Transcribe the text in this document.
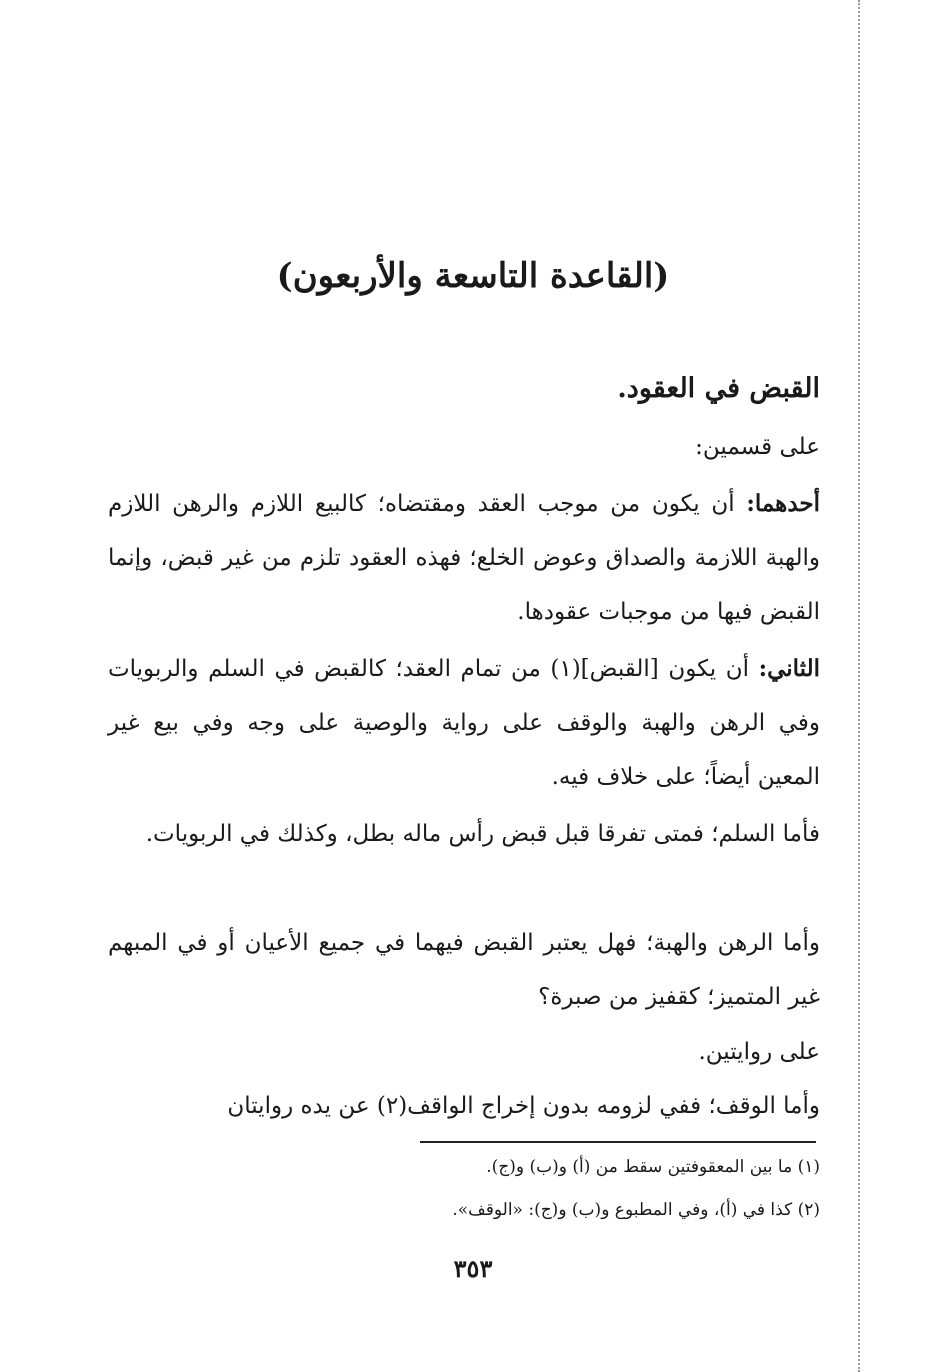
(القاعدة التاسعة والأربعون)

القبض في العقود.

على قسمين:

أحدهما: أن يكون من موجب العقد ومقتضاه؛ كالبيع اللازم والرهن اللازم والهبة اللازمة والصداق وعوض الخلع؛ فهذه العقود تلزم من غير قبض، وإنما القبض فيها من موجبات عقودها.

الثاني: أن يكون [القبض](١) من تمام العقد؛ كالقبض في السلم والربويات وفي الرهن والهبة والوقف على رواية والوصية على وجه وفي بيع غير المعين أيضاً؛ على خلاف فيه.

فأما السلم؛ فمتى تفرقا قبل قبض رأس ماله بطل، وكذلك في الربويات.

وأما الرهن والهبة؛ فهل يعتبر القبض فيهما في جميع الأعيان أو في المبهم غير المتميز؛ كقفيز من صبرة؟

على روايتين.

وأما الوقف؛ ففي لزومه بدون إخراج الواقف(٢) عن يده روايتان

(١) ما بين المعقوفتين سقط من (أ) و(ب) و(ج).

(٢) كذا في (أ)، وفي المطبوع و(ب) و(ج): «الوقف».

٣٥٣
